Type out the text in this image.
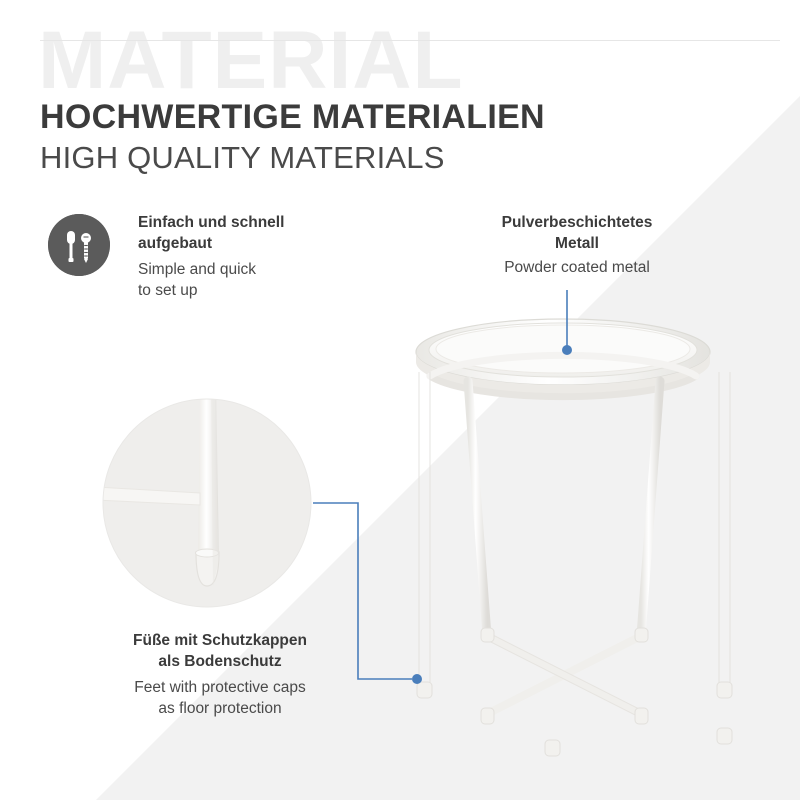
MATERIAL
HOCHWERTIGE MATERIALIEN
HIGH QUALITY MATERIALS
Einfach und schnell
aufgebaut
Simple and quick
to set up
Pulverbeschichtetes
Metall
Powder coated metal
Füße mit Schutzkappen
als Bodenschutz
Feet with protective caps
as floor protection
